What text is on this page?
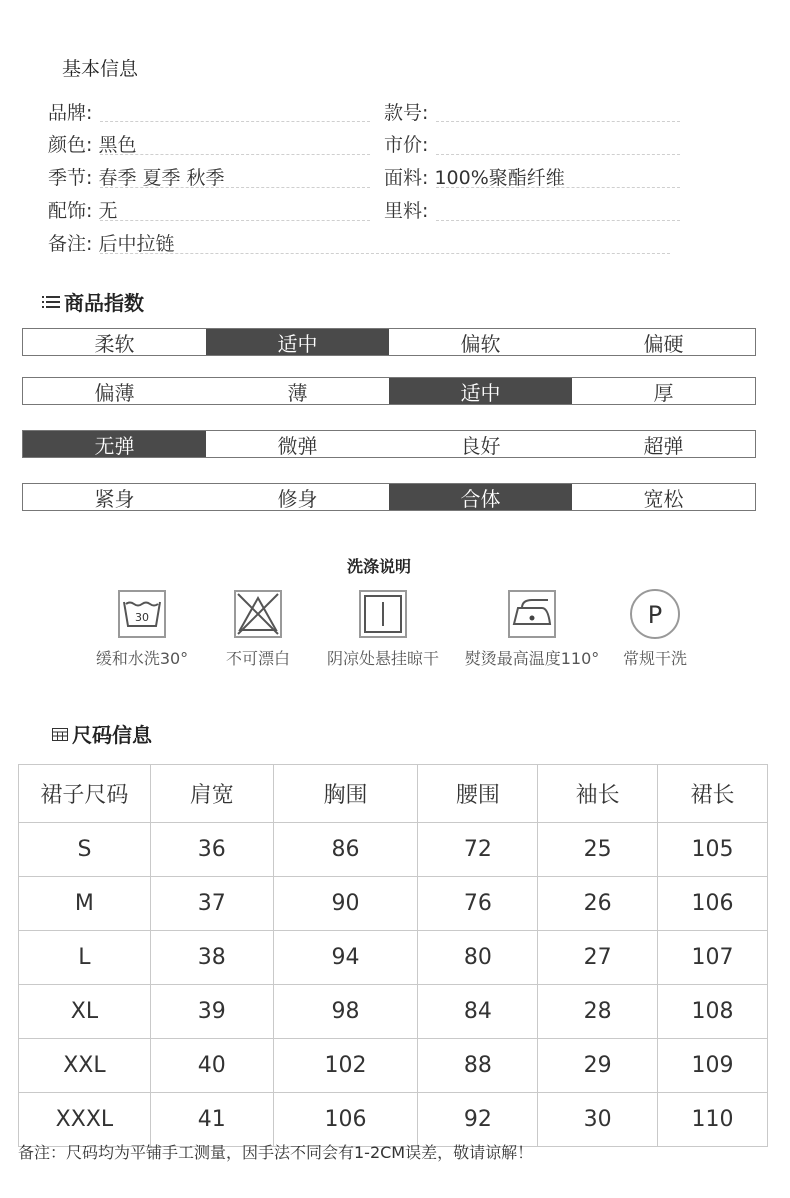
基本信息
品牌:
颜色: 黑色
季节: 春季 夏季 秋季
配饰: 无
备注: 后中拉链
款号:
市价:
面料: 100%聚酯纤维
里料:
商品指数
柔软	适中	偏软	偏硬
偏薄	薄	适中	厚
无弹	微弹	良好	超弹
紧身	修身	合体	宽松
洗涤说明
30
缓和水洗30°	不可漂白	阴凉处悬挂晾干	熨烫最高温度110°
P
常规干洗
尺码信息
裙子尺码	肩宽	胸围	腰围	袖长	裙长
S	36	86	72	25	105
M	37	90	76	26	106
L	38	94	80	27	107
XL	39	98	84	28	108
XXL	40	102	88	29	109
XXXL	41	106	92	30	110
备注：尺码均为平铺手工测量，因手法不同会有1-2CM误差，敬请谅解！
